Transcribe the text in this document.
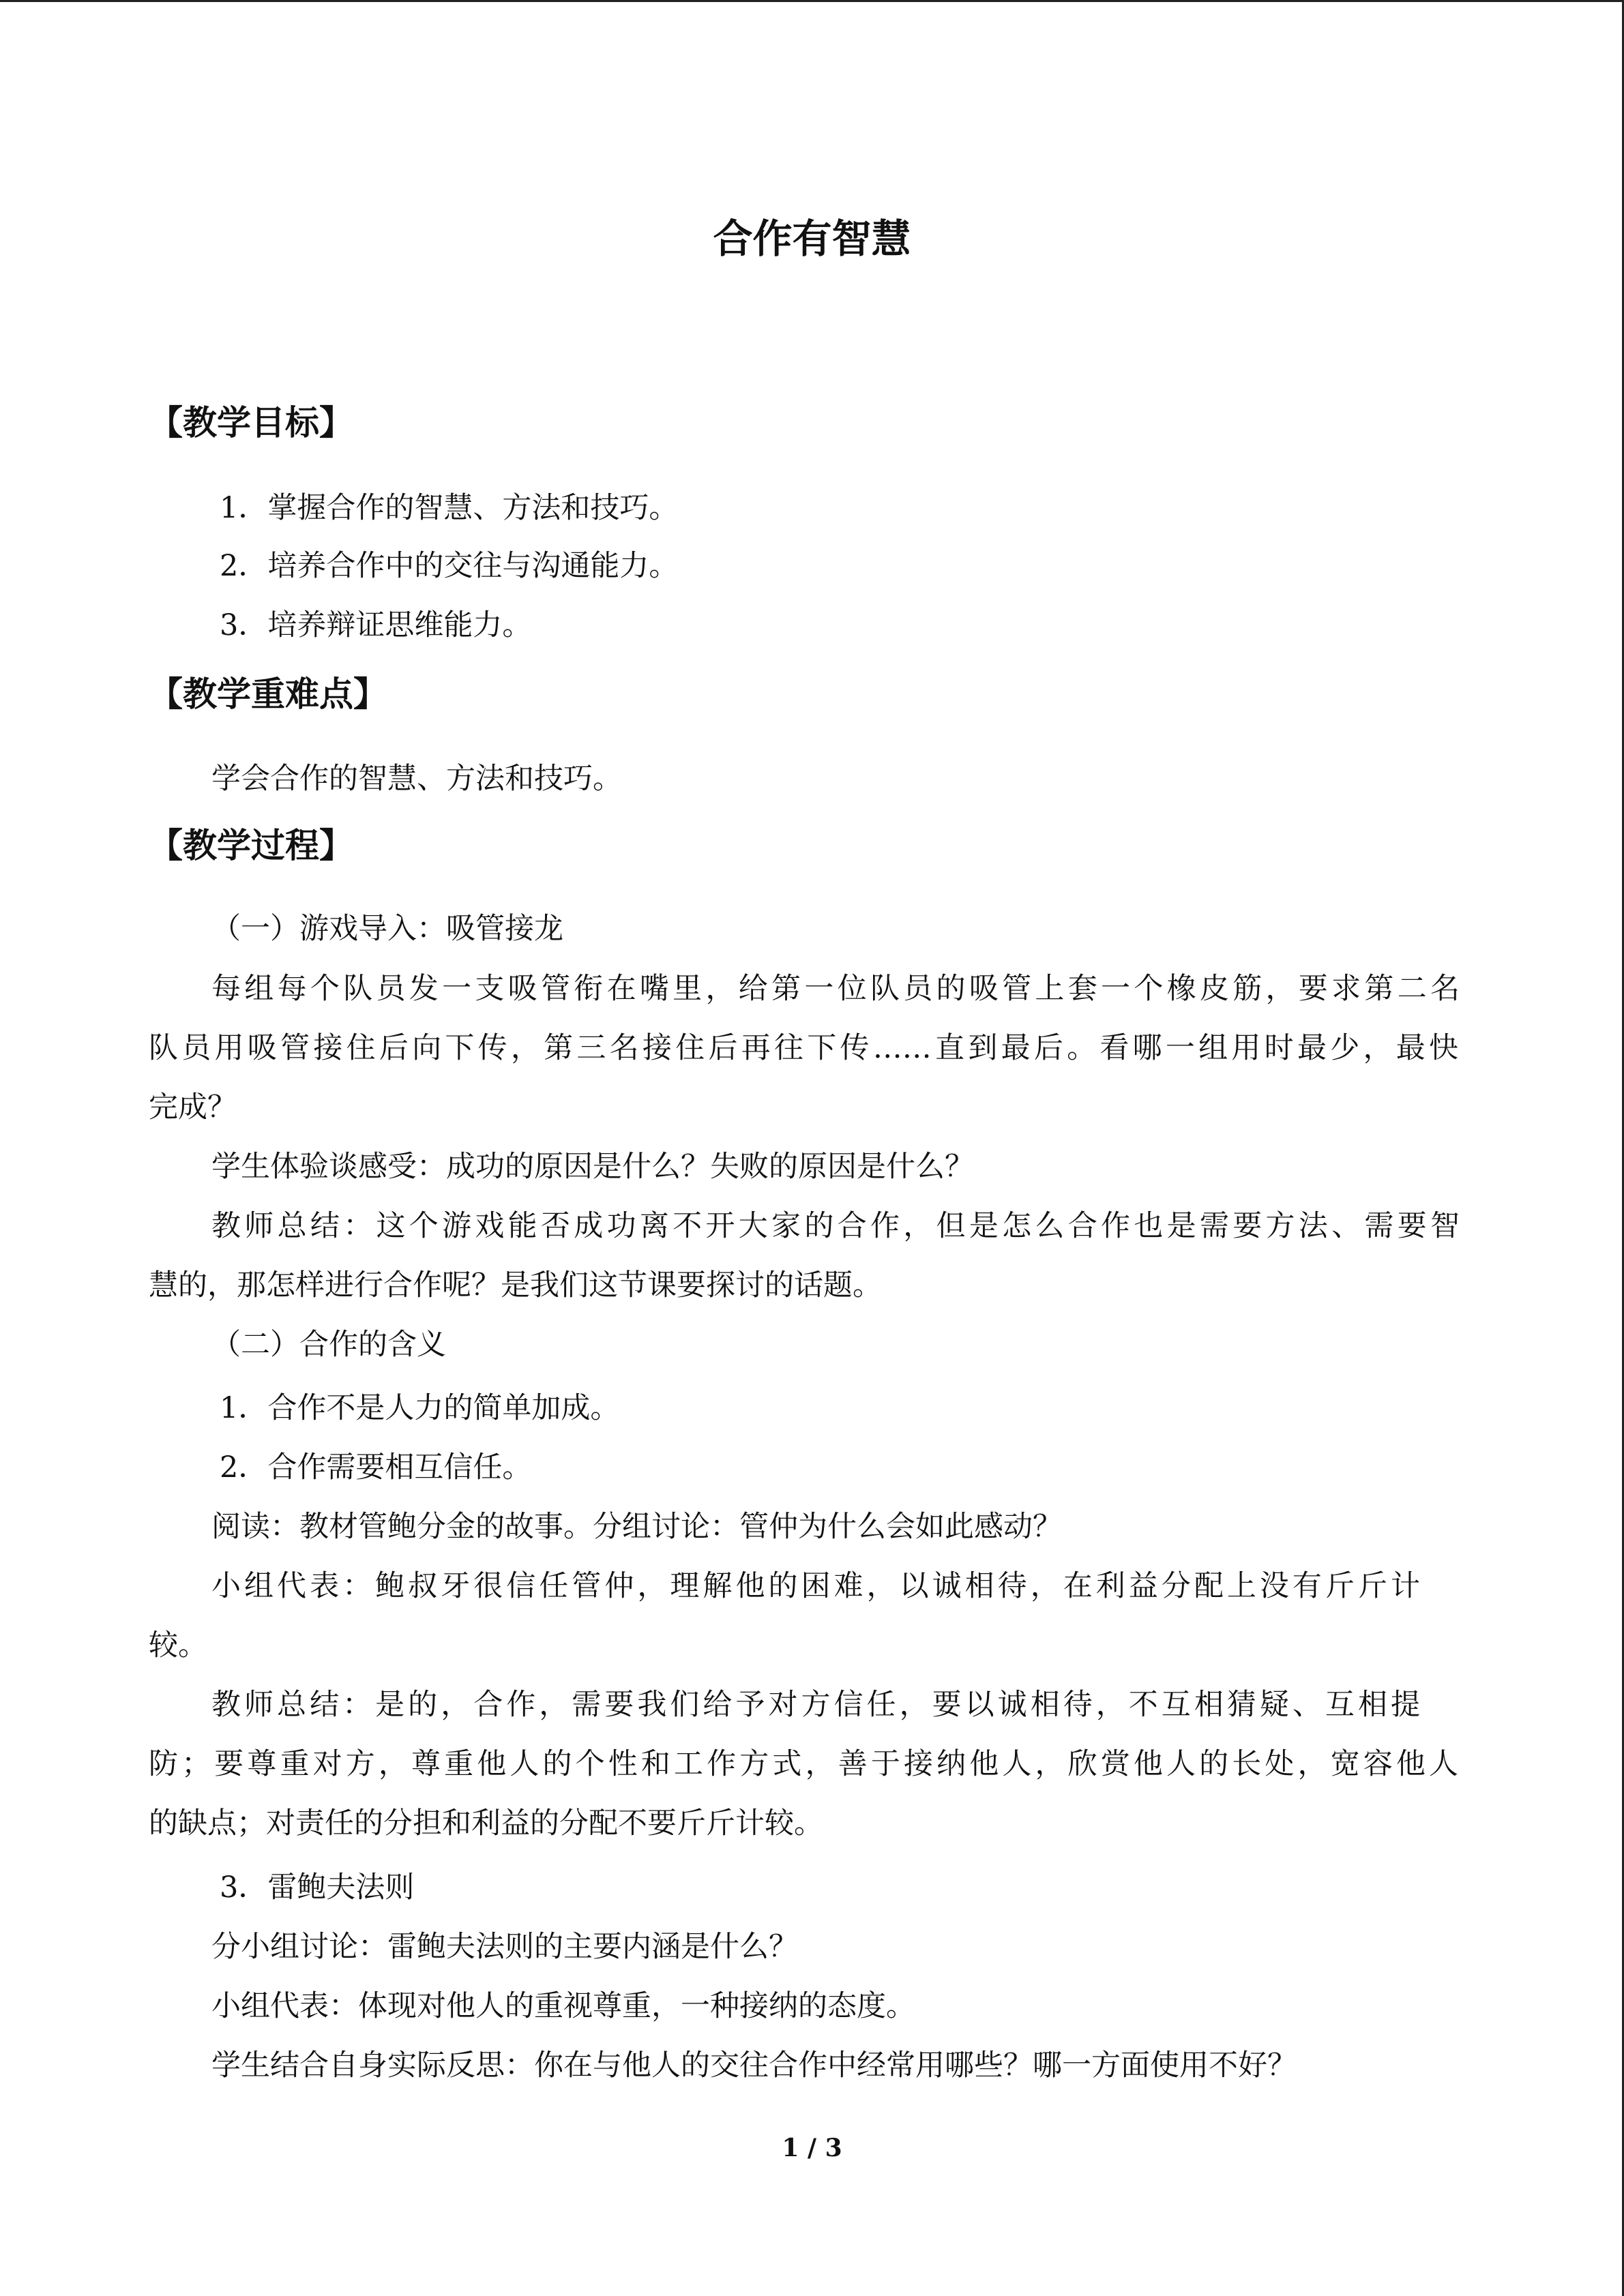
合作有智慧
【教学目标】
1．掌握合作的智慧、方法和技巧。
2．培养合作中的交往与沟通能力。
3．培养辩证思维能力。
【教学重难点】
学会合作的智慧、方法和技巧。
【教学过程】
（一）游戏导入：吸管接龙
每组每个队员发一支吸管衔在嘴里，给第一位队员的吸管上套一个橡皮筋，要求第二名
队员用吸管接住后向下传，第三名接住后再往下传……直到最后。看哪一组用时最少，最快
完成？
学生体验谈感受：成功的原因是什么？失败的原因是什么？
教师总结：这个游戏能否成功离不开大家的合作，但是怎么合作也是需要方法、需要智
慧的，那怎样进行合作呢？是我们这节课要探讨的话题。
（二）合作的含义
1．合作不是人力的简单加成。
2．合作需要相互信任。
阅读：教材管鲍分金的故事。分组讨论：管仲为什么会如此感动？
小组代表：鲍叔牙很信任管仲，理解他的困难，以诚相待，在利益分配上没有斤斤计
较。
教师总结：是的，合作，需要我们给予对方信任，要以诚相待，不互相猜疑、互相提
防；要尊重对方，尊重他人的个性和工作方式，善于接纳他人，欣赏他人的长处，宽容他人
的缺点；对责任的分担和利益的分配不要斤斤计较。
3．雷鲍夫法则
分小组讨论：雷鲍夫法则的主要内涵是什么？
小组代表：体现对他人的重视尊重，一种接纳的态度。
学生结合自身实际反思：你在与他人的交往合作中经常用哪些？哪一方面使用不好？
1 / 3
